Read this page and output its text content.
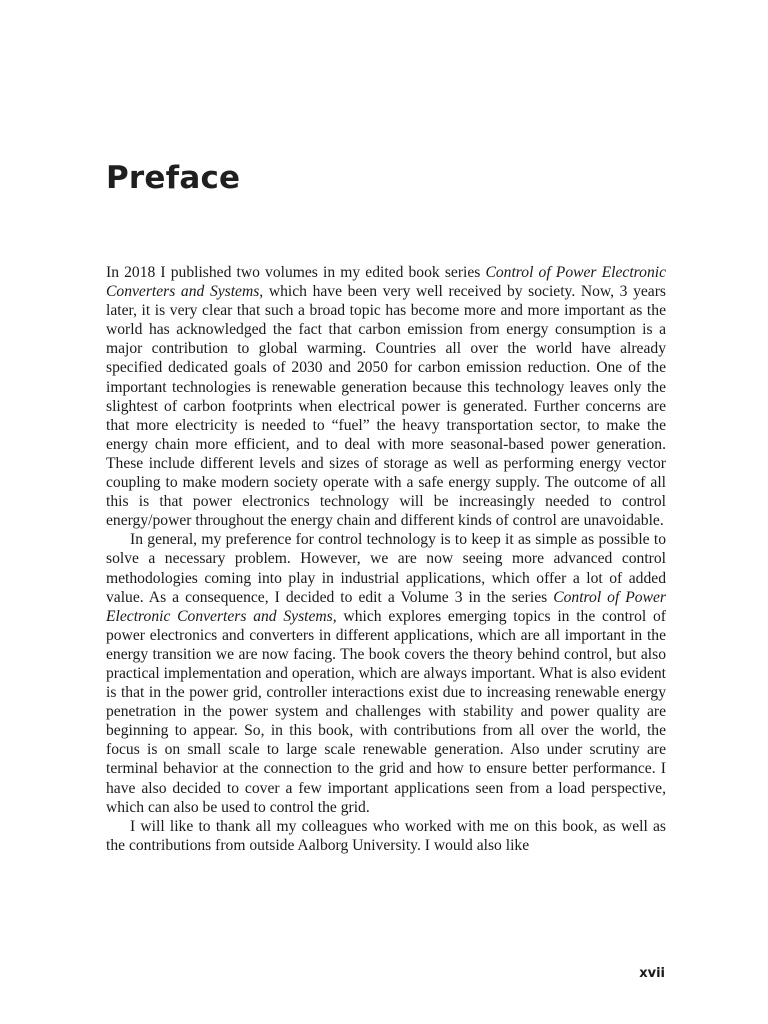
Preface

In 2018 I published two volumes in my edited book series Control of Power Electronic Converters and Systems, which have been very well received by society. Now, 3 years later, it is very clear that such a broad topic has become more and more important as the world has acknowledged the fact that carbon emission from energy consumption is a major contribution to global warming. Countries all over the world have already specified dedicated goals of 2030 and 2050 for carbon emission reduction. One of the important technologies is renewable generation because this technology leaves only the slightest of carbon footprints when electrical power is generated. Further concerns are that more electricity is needed to “fuel” the heavy transportation sector, to make the energy chain more efficient, and to deal with more seasonal-based power generation. These include different levels and sizes of storage as well as performing energy vector coupling to make modern society operate with a safe energy supply. The outcome of all this is that power electronics technology will be increasingly needed to control energy/power throughout the energy chain and different kinds of control are unavoidable.

In general, my preference for control technology is to keep it as simple as possible to solve a necessary problem. However, we are now seeing more advanced control methodologies coming into play in industrial applications, which offer a lot of added value. As a consequence, I decided to edit a Volume 3 in the series Control of Power Electronic Converters and Systems, which explores emerging topics in the control of power electronics and converters in different applications, which are all important in the energy transition we are now facing. The book covers the theory behind control, but also practical implementation and operation, which are always important. What is also evident is that in the power grid, controller interactions exist due to increasing renewable energy penetration in the power system and challenges with stability and power quality are beginning to appear. So, in this book, with contributions from all over the world, the focus is on small scale to large scale renewable generation. Also under scrutiny are terminal behavior at the connection to the grid and how to ensure better performance. I have also decided to cover a few important applications seen from a load perspective, which can also be used to control the grid.

I will like to thank all my colleagues who worked with me on this book, as well as the contributions from outside Aalborg University. I would also like

xvii
